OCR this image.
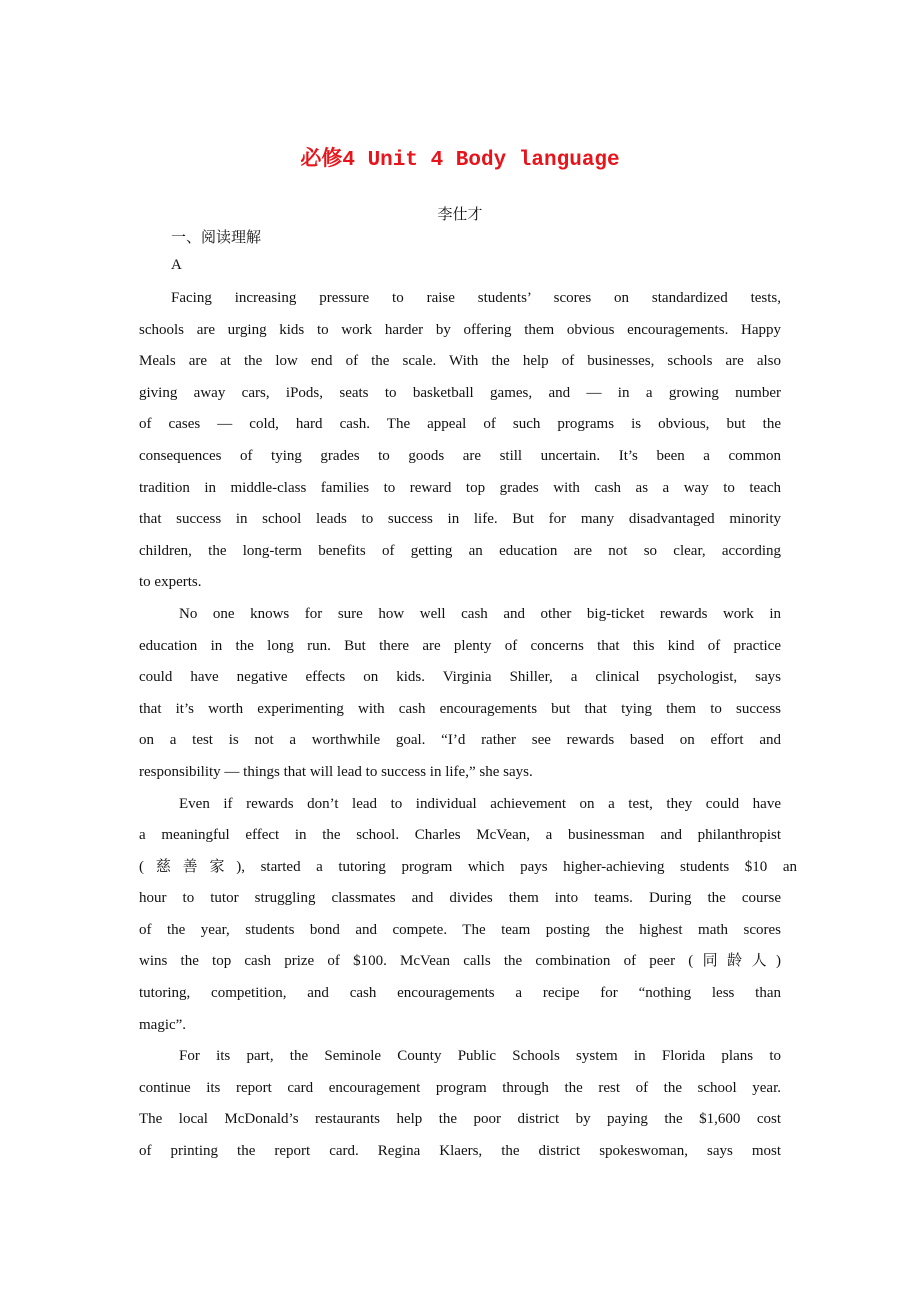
必修4 Unit 4 Body language
李仕才
一、阅读理解
A
Facing increasing pressure to raise students’ scores on standardized tests,
schools are urging kids to work harder by offering them obvious encouragements. Happy
Meals are at the low end of the scale. With the help of businesses, schools are also
giving away cars, iPods, seats to basketball games, and — in a growing number
of cases — cold, hard cash. The appeal of such programs is obvious, but the
consequences of tying grades to goods are still uncertain. It’s been a common
tradition in middle-class families to reward top grades with cash as a way to teach
that success in school leads to success in life. But for many disadvantaged minority
children, the long-term benefits of getting an education are not so clear, according
to experts.
No one knows for sure how well cash and other big-ticket rewards work in
education in the long run. But there are plenty of concerns that this kind of practice
could have negative effects on kids. Virginia Shiller, a clinical psychologist, says
that it’s worth experimenting with cash encouragements but that tying them to success
on a test is not a worthwhile goal. “I’d rather see rewards based on effort and
responsibility — things that will lead to success in life,” she says.
Even if rewards don’t lead to individual achievement on a test, they could have
a meaningful effect in the school. Charles McVean, a businessman and philanthropist
(慈善家), started a tutoring program which pays higher-achieving students $10 an
hour to tutor struggling classmates and divides them into teams. During the course
of the year, students bond and compete. The team posting the highest math scores
wins the top cash prize of $100. McVean calls the combination of peer (同龄人)
tutoring, competition, and cash encouragements a recipe for “nothing less than
magic”.
For its part, the Seminole County Public Schools system in Florida plans to
continue its report card encouragement program through the rest of the school year.
The local McDonald’s restaurants help the poor district by paying the $1,600 cost
of printing the report card. Regina Klaers, the district spokeswoman, says most
